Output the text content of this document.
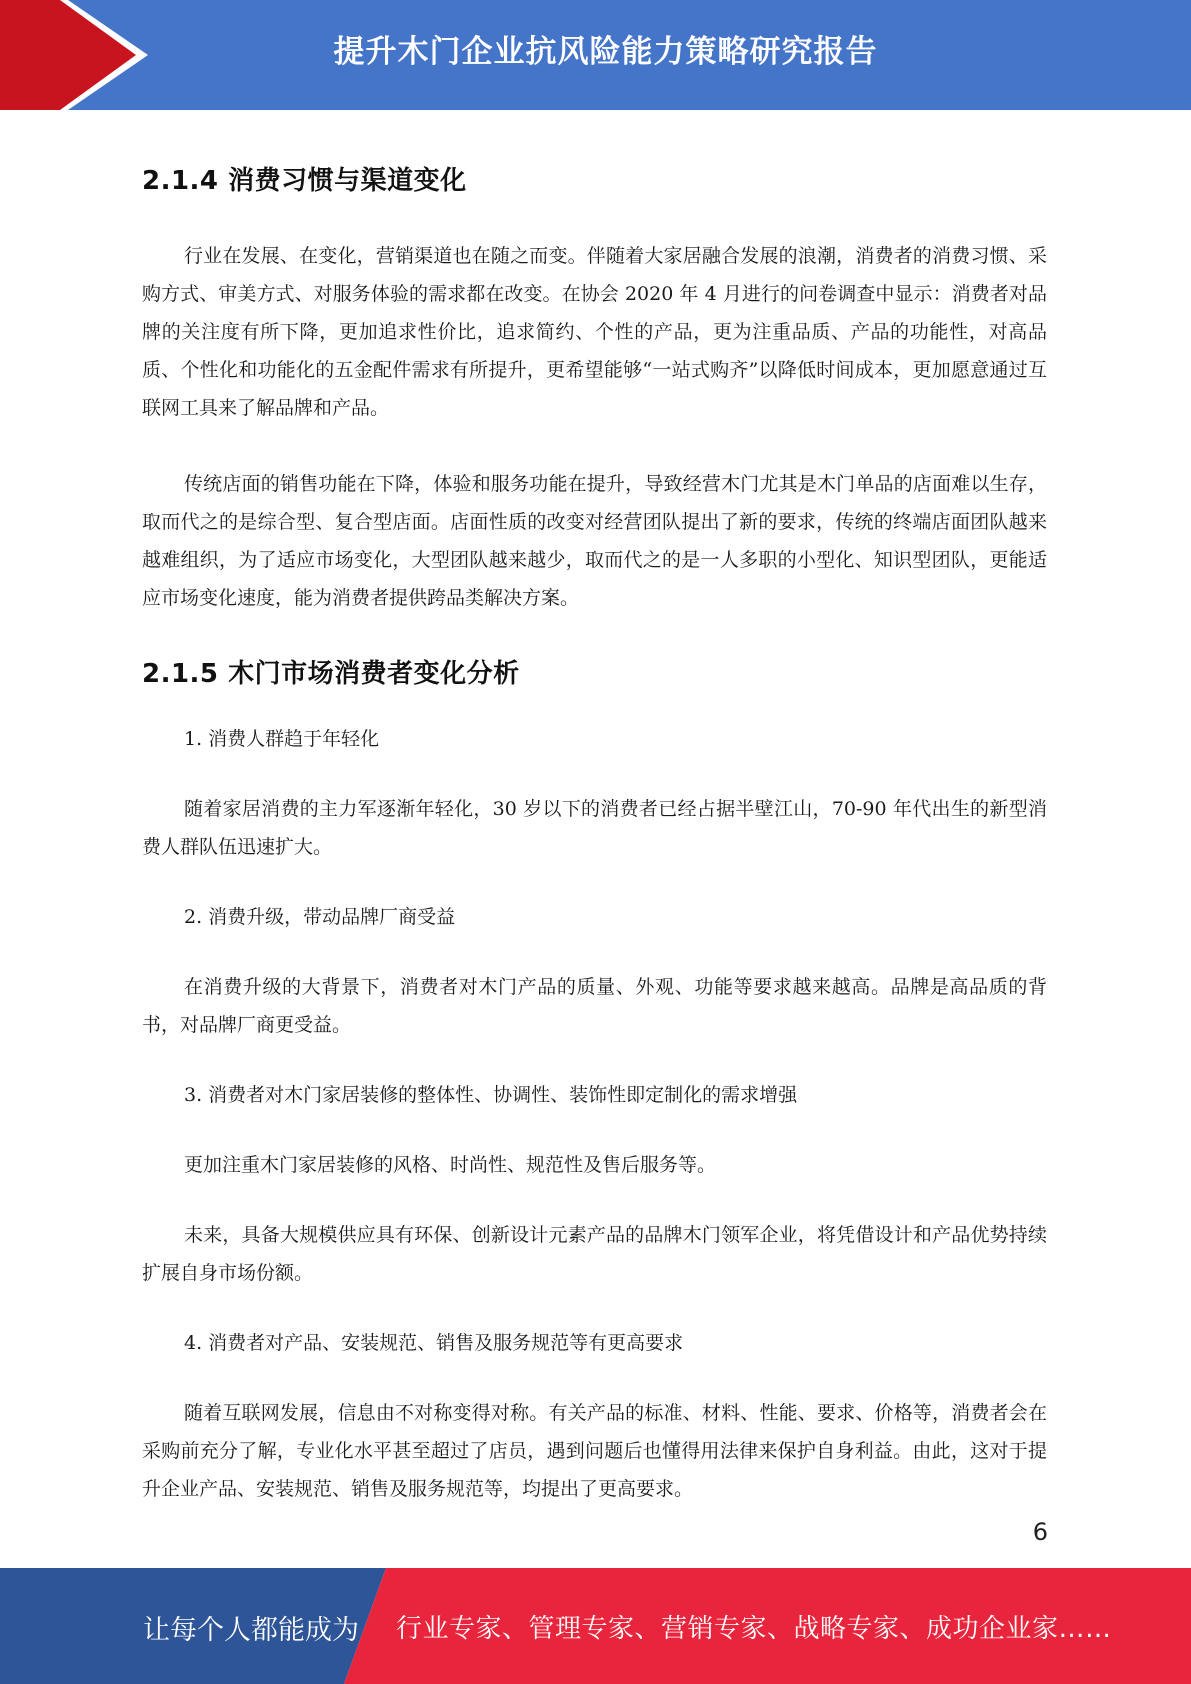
提升木门企业抗风险能力策略研究报告
2.1.4 消费习惯与渠道变化

行业在发展、在变化，营销渠道也在随之而变。伴随着大家居融合发展的浪潮，消费者的消费习惯、采购方式、审美方式、对服务体验的需求都在改变。在协会 2020 年 4 月进行的问卷调查中显示：消费者对品牌的关注度有所下降，更加追求性价比，追求简约、个性的产品，更为注重品质、产品的功能性，对高品质、个性化和功能化的五金配件需求有所提升，更希望能够“一站式购齐”以降低时间成本，更加愿意通过互联网工具来了解品牌和产品。

传统店面的销售功能在下降，体验和服务功能在提升，导致经营木门尤其是木门单品的店面难以生存，取而代之的是综合型、复合型店面。店面性质的改变对经营团队提出了新的要求，传统的终端店面团队越来越难组织，为了适应市场变化，大型团队越来越少，取而代之的是一人多职的小型化、知识型团队，更能适应市场变化速度，能为消费者提供跨品类解决方案。

2.1.5 木门市场消费者变化分析

1. 消费人群趋于年轻化

随着家居消费的主力军逐渐年轻化，30 岁以下的消费者已经占据半壁江山，70-90 年代出生的新型消费人群队伍迅速扩大。

2. 消费升级，带动品牌厂商受益

在消费升级的大背景下，消费者对木门产品的质量、外观、功能等要求越来越高。品牌是高品质的背书，对品牌厂商更受益。

3. 消费者对木门家居装修的整体性、协调性、装饰性即定制化的需求增强

更加注重木门家居装修的风格、时尚性、规范性及售后服务等。

未来，具备大规模供应具有环保、创新设计元素产品的品牌木门领军企业，将凭借设计和产品优势持续扩展自身市场份额。

4. 消费者对产品、安装规范、销售及服务规范等有更高要求

随着互联网发展，信息由不对称变得对称。有关产品的标准、材料、性能、要求、价格等，消费者会在采购前充分了解，专业化水平甚至超过了店员，遇到问题后也懂得用法律来保护自身利益。由此，这对于提升企业产品、安装规范、销售及服务规范等，均提出了更高要求。

6
让每个人都能成为 行业专家、管理专家、营销专家、战略专家、成功企业家……
